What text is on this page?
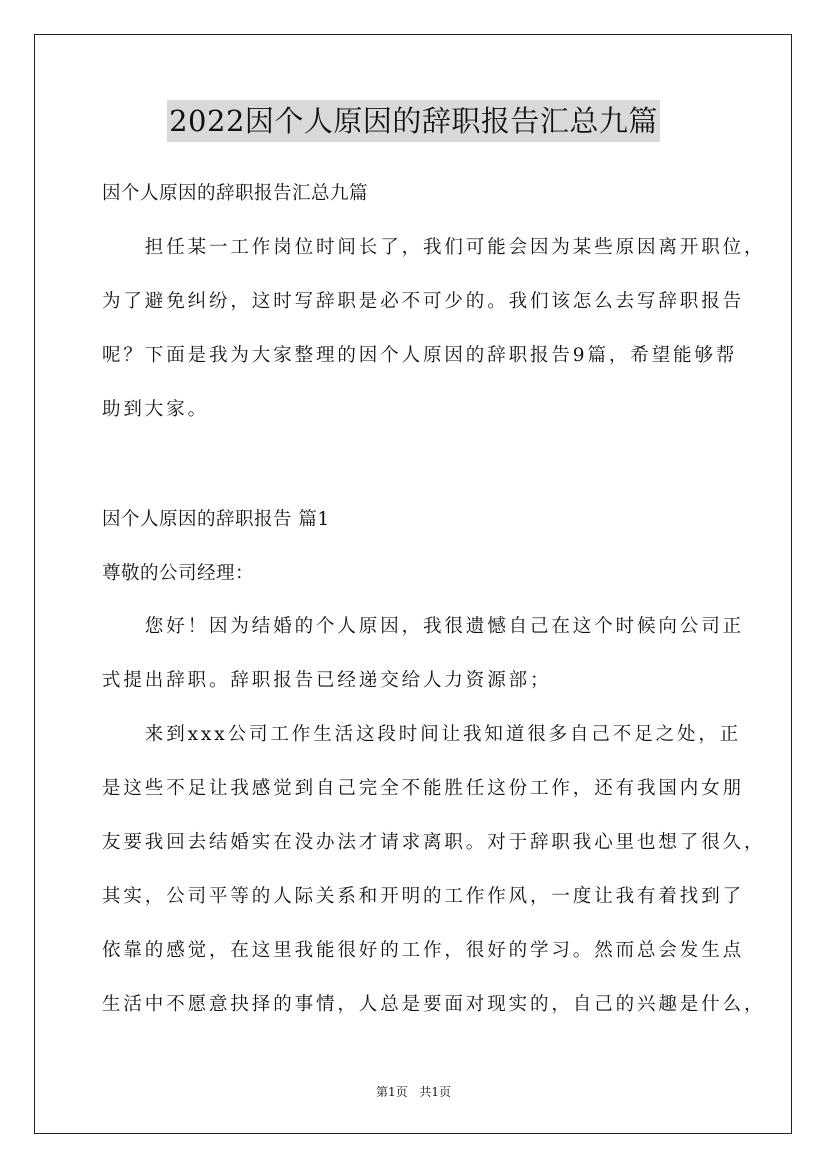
2022因个人原因的辞职报告汇总九篇
因个人原因的辞职报告汇总九篇
　　担任某一工作岗位时间长了，我们可能会因为某些原因离开职位，
为了避免纠纷，这时写辞职是必不可少的。我们该怎么去写辞职报告
呢？下面是我为大家整理的因个人原因的辞职报告9篇，希望能够帮
助到大家。
因个人原因的辞职报告 篇1
尊敬的公司经理：
　　您好！因为结婚的个人原因，我很遗憾自己在这个时候向公司正
式提出辞职。辞职报告已经递交给人力资源部；
　　来到xxx公司工作生活这段时间让我知道很多自己不足之处，正
是这些不足让我感觉到自己完全不能胜任这份工作，还有我国内女朋
友要我回去结婚实在没办法才请求离职。对于辞职我心里也想了很久，
其实，公司平等的人际关系和开明的工作作风，一度让我有着找到了
依靠的感觉，在这里我能很好的工作，很好的学习。然而总会发生点
生活中不愿意抉择的事情，人总是要面对现实的，自己的兴趣是什么，
第1页 共1页
